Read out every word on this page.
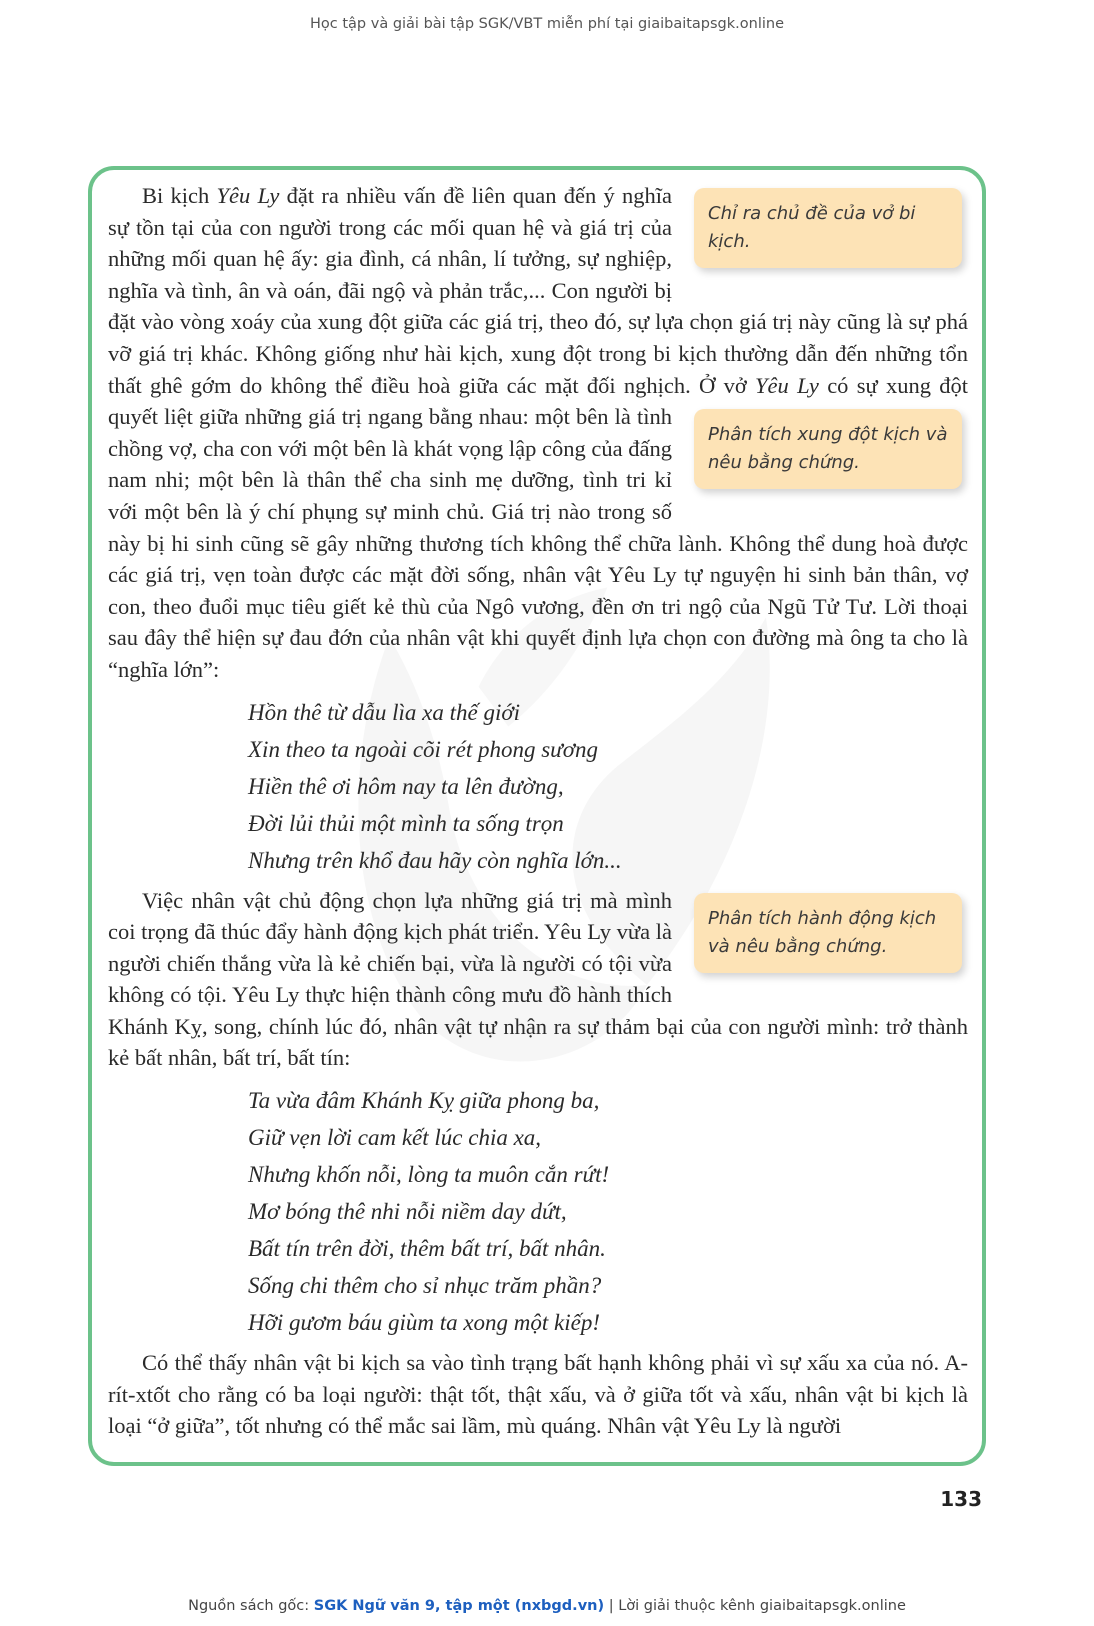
Học tập và giải bài tập SGK/VBT miễn phí tại giaibaitapsgk.online

Chỉ ra chủ đề của vở bi kịch.
Bi kịch Yêu Ly đặt ra nhiều vấn đề liên quan đến ý nghĩa sự tồn tại của con người trong các mối quan hệ và giá trị của những mối quan hệ ấy: gia đình, cá nhân, lí tưởng, sự nghiệp, nghĩa và tình, ân và oán, đãi ngộ và phản trắc,... Con người bị đặt vào vòng xoáy của xung đột giữa các giá trị, theo đó, sự lựa chọn giá trị này cũng là sự phá vỡ giá trị khác. Không giống như hài kịch, xung đột trong bi kịch thường dẫn đến những tổn thất ghê gớm do không thể điều hoà giữa các mặt đối nghịch. Ở vở
Phân tích xung đột kịch và nêu bằng chứng.
Yêu Ly có sự xung đột quyết liệt giữa những giá trị ngang bằng nhau: một bên là tình chồng vợ, cha con với một bên là khát vọng lập công của đấng nam nhi; một bên là thân thể cha sinh mẹ dưỡng, tình tri kỉ với một bên là ý chí phụng sự minh chủ. Giá trị nào trong số này bị hi sinh cũng sẽ gây những thương tích không thể chữa lành. Không thể dung hoà được các giá trị, vẹn toàn được các mặt đời sống, nhân vật Yêu Ly tự nguyện hi sinh bản thân, vợ con, theo đuổi mục tiêu giết kẻ thù của Ngô vương, đền ơn tri ngộ của Ngũ Tử Tư. Lời thoại sau đây thể hiện sự đau đớn của nhân vật khi quyết định lựa chọn con đường mà ông ta cho là “nghĩa lớn”:

Hồn thê từ dẫu lìa xa thế giới
Xin theo ta ngoài cõi rét phong sương
Hiền thê ơi hôm nay ta lên đường,
Đời lủi thủi một mình ta sống trọn
Nhưng trên khổ đau hãy còn nghĩa lớn...

Phân tích hành động kịch và nêu bằng chứng.
Việc nhân vật chủ động chọn lựa những giá trị mà mình coi trọng đã thúc đẩy hành động kịch phát triển. Yêu Ly vừa là người chiến thắng vừa là kẻ chiến bại, vừa là người có tội vừa không có tội. Yêu Ly thực hiện thành công mưu đồ hành thích Khánh Kỵ, song, chính lúc đó, nhân vật tự nhận ra sự thảm bại của con người mình: trở thành kẻ bất nhân, bất trí, bất tín:

Ta vừa đâm Khánh Kỵ giữa phong ba,
Giữ vẹn lời cam kết lúc chia xa,
Nhưng khốn nỗi, lòng ta muôn cắn rứt!
Mơ bóng thê nhi nỗi niềm day dứt,
Bất tín trên đời, thêm bất trí, bất nhân.
Sống chi thêm cho sỉ nhục trăm phần?
Hỡi gươm báu giùm ta xong một kiếp!

Có thể thấy nhân vật bi kịch sa vào tình trạng bất hạnh không phải vì sự xấu xa của nó. A-rít-xtốt cho rằng có ba loại người: thật tốt, thật xấu, và ở giữa tốt và xấu, nhân vật bi kịch là loại “ở giữa”, tốt nhưng có thể mắc sai lầm, mù quáng. Nhân vật Yêu Ly là người

133
Nguồn sách gốc: SGK Ngữ văn 9, tập một (nxbgd.vn) | Lời giải thuộc kênh giaibaitapsgk.online
